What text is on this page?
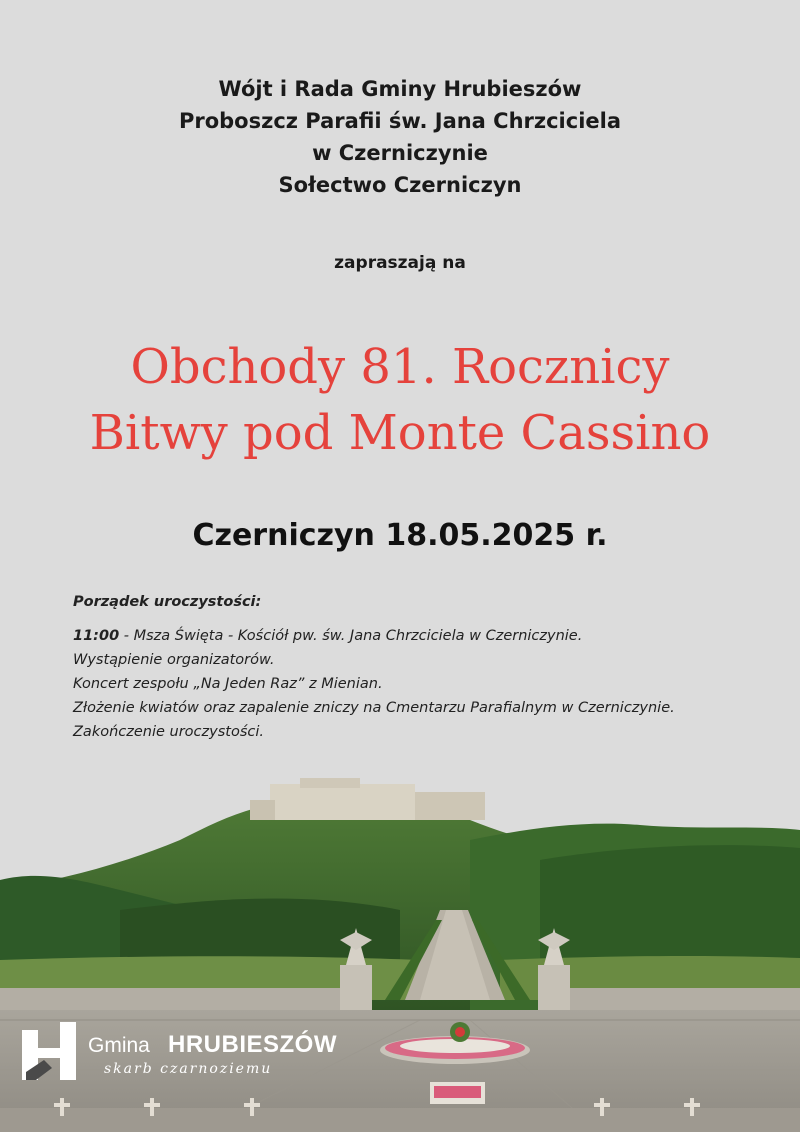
Wójt i Rada Gminy Hrubieszów
Proboszcz Parafii św. Jana Chrzciciela
w Czerniczynie
Sołectwo Czerniczyn
zapraszają na
Obchody 81. Rocznicy
Bitwy pod Monte Cassino
Czerniczyn 18.05.2025 r.
Porządek uroczystości:
11:00 - Msza Święta - Kościół pw. św. Jana Chrzciciela w Czerniczynie.
Wystąpienie organizatorów.
Koncert zespołu „Na Jeden Raz” z Mienian.
Złożenie kwiatów oraz zapalenie zniczy na Cmentarzu Parafialnym w Czerniczynie.
Zakończenie uroczystości.
Gmina HRUBIESZÓW
skarb czarnoziemu
